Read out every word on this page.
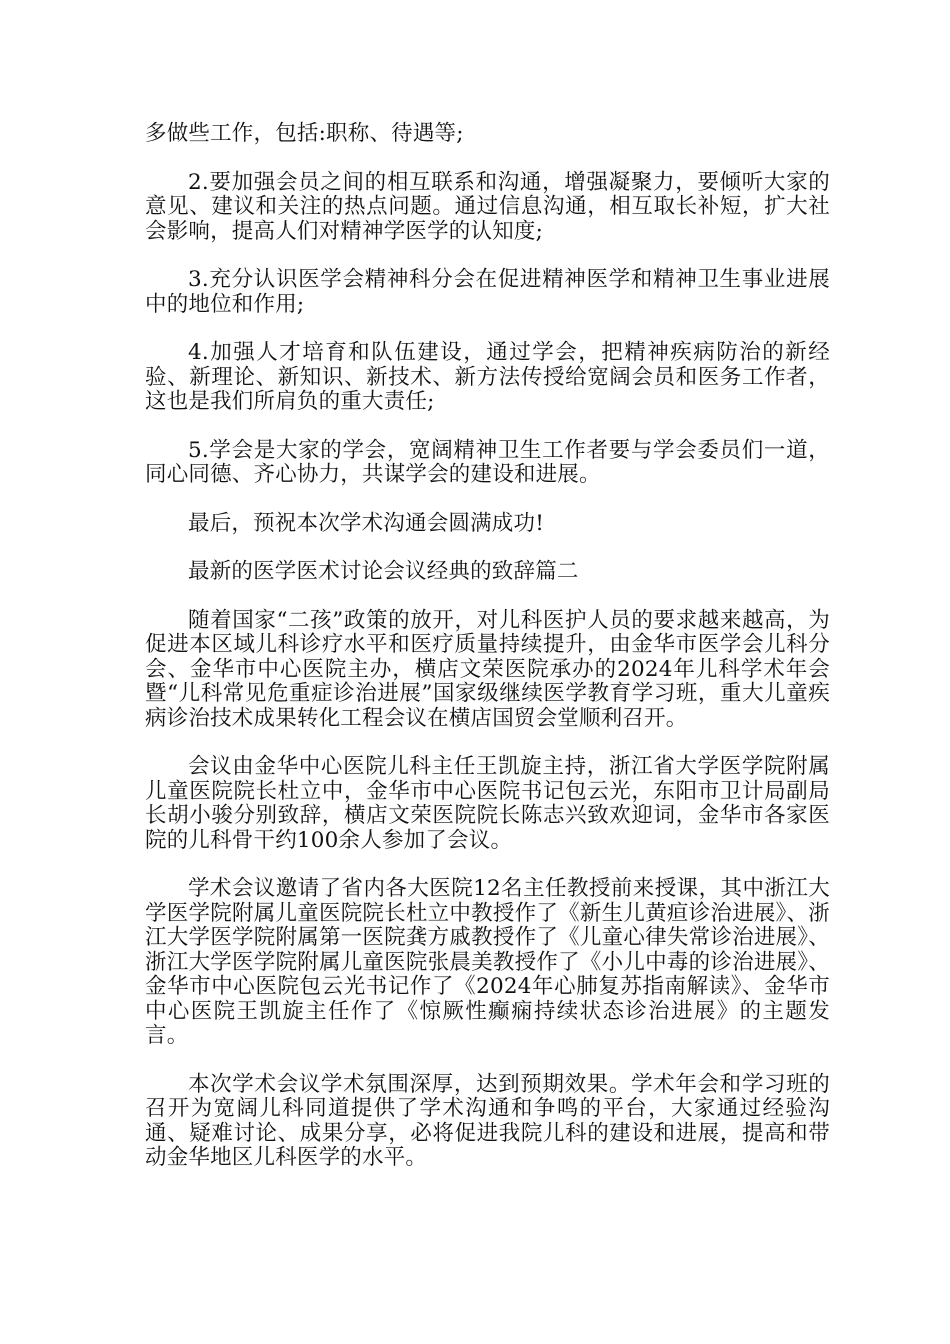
多做些工作，包括:职称、待遇等;

2.要加强会员之间的相互联系和沟通，增强凝聚力，要倾听大家的意见、建议和关注的热点问题。通过信息沟通，相互取长补短，扩大社会影响，提高人们对精神学医学的认知度;

3.充分认识医学会精神科分会在促进精神医学和精神卫生事业进展中的地位和作用;

4.加强人才培育和队伍建设，通过学会，把精神疾病防治的新经验、新理论、新知识、新技术、新方法传授给宽阔会员和医务工作者，这也是我们所肩负的重大责任;

5.学会是大家的学会，宽阔精神卫生工作者要与学会委员们一道，同心同德、齐心协力，共谋学会的建设和进展。

最后，预祝本次学术沟通会圆满成功!

最新的医学医术讨论会议经典的致辞篇二

随着国家“二孩”政策的放开，对儿科医护人员的要求越来越高，为促进本区域儿科诊疗水平和医疗质量持续提升，由金华市医学会儿科分会、金华市中心医院主办，横店文荣医院承办的2024年儿科学术年会暨“儿科常见危重症诊治进展”国家级继续医学教育学习班，重大儿童疾病诊治技术成果转化工程会议在横店国贸会堂顺利召开。

会议由金华中心医院儿科主任王凯旋主持，浙江省大学医学院附属儿童医院院长杜立中，金华市中心医院书记包云光，东阳市卫计局副局长胡小骏分别致辞，横店文荣医院院长陈志兴致欢迎词，金华市各家医院的儿科骨干约100余人参加了会议。

学术会议邀请了省内各大医院12名主任教授前来授课，其中浙江大学医学院附属儿童医院院长杜立中教授作了《新生儿黄疸诊治进展》、浙江大学医学院附属第一医院龚方戚教授作了《儿童心律失常诊治进展》、浙江大学医学院附属儿童医院张晨美教授作了《小儿中毒的诊治进展》、金华市中心医院包云光书记作了《2024年心肺复苏指南解读》、金华市中心医院王凯旋主任作了《惊厥性癫痫持续状态诊治进展》的主题发言。

本次学术会议学术氛围深厚，达到预期效果。学术年会和学习班的召开为宽阔儿科同道提供了学术沟通和争鸣的平台，大家通过经验沟通、疑难讨论、成果分享，必将促进我院儿科的建设和进展，提高和带动金华地区儿科医学的水平。
